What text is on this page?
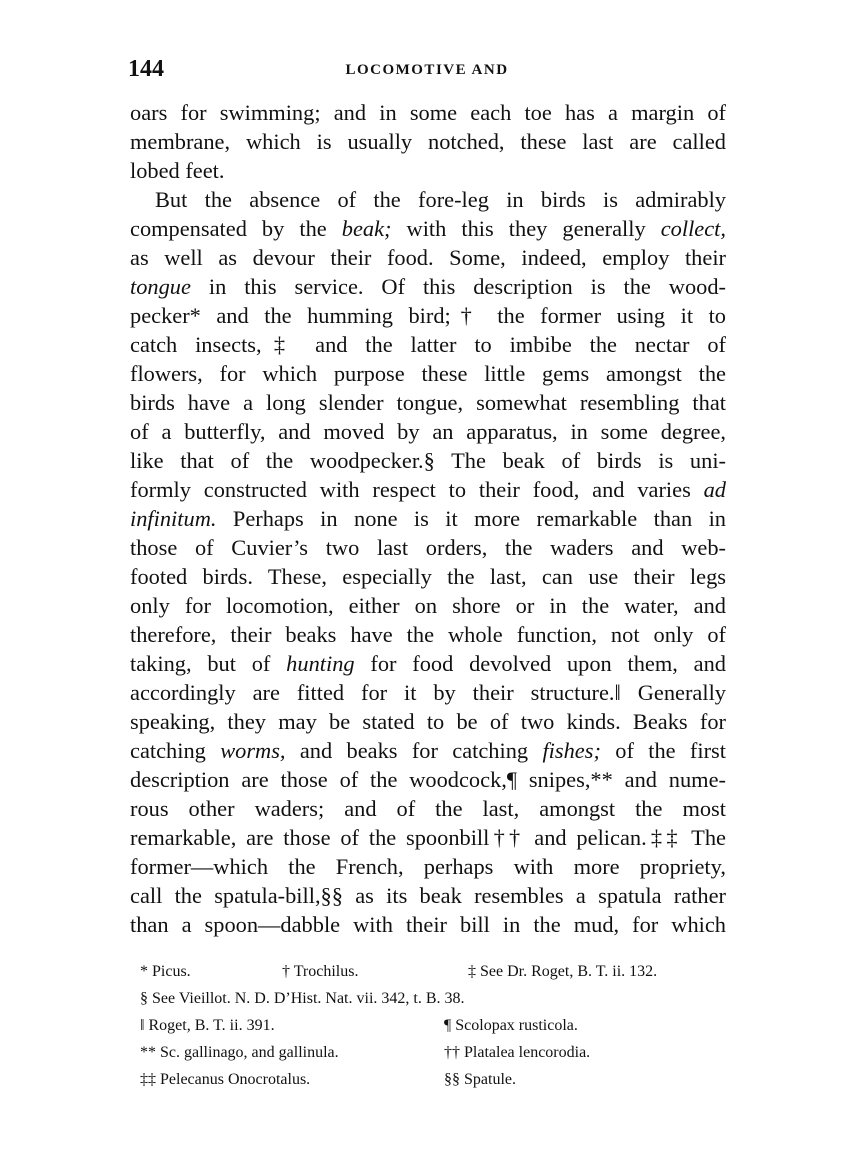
144	LOCOMOTIVE AND
oars for swimming; and in some each toe has a margin of
membrane, which is usually notched, these last are called
lobed feet.
But the absence of the fore-leg in birds is admirably
compensated by the beak; with this they generally collect,
as well as devour their food. Some, indeed, employ their
tongue in this service. Of this description is the wood-
pecker* and the humming bird;† the former using it to
catch insects,‡ and the latter to imbibe the nectar of
flowers, for which purpose these little gems amongst the
birds have a long slender tongue, somewhat resembling that
of a butterfly, and moved by an apparatus, in some degree,
like that of the woodpecker.§ The beak of birds is uni-
formly constructed with respect to their food, and varies ad
infinitum. Perhaps in none is it more remarkable than in
those of Cuvier’s two last orders, the waders and web-
footed birds. These, especially the last, can use their legs
only for locomotion, either on shore or in the water, and
therefore, their beaks have the whole function, not only of
taking, but of hunting for food devolved upon them, and
accordingly are fitted for it by their structure.‖ Generally
speaking, they may be stated to be of two kinds. Beaks for
catching worms, and beaks for catching fishes; of the first
description are those of the woodcock,¶ snipes,** and nume-
rous other waders; and of the last, amongst the most
remarkable, are those of the spoonbill†† and pelican.‡‡ The
former—which the French, perhaps with more propriety,
call the spatula-bill,§§ as its beak resembles a spatula rather
than a spoon—dabble with their bill in the mud, for which
* Picus.	† Trochilus.	‡ See Dr. Roget, B. T. ii. 132.
§ See Vieillot. N. D. D’Hist. Nat. vii. 342, t. B. 38.
‖ Roget, B. T. ii. 391.	¶ Scolopax rusticola.
** Sc. gallinago, and gallinula.	†† Platalea lencorodia.
‡‡ Pelecanus Onocrotalus.	§§ Spatule.
